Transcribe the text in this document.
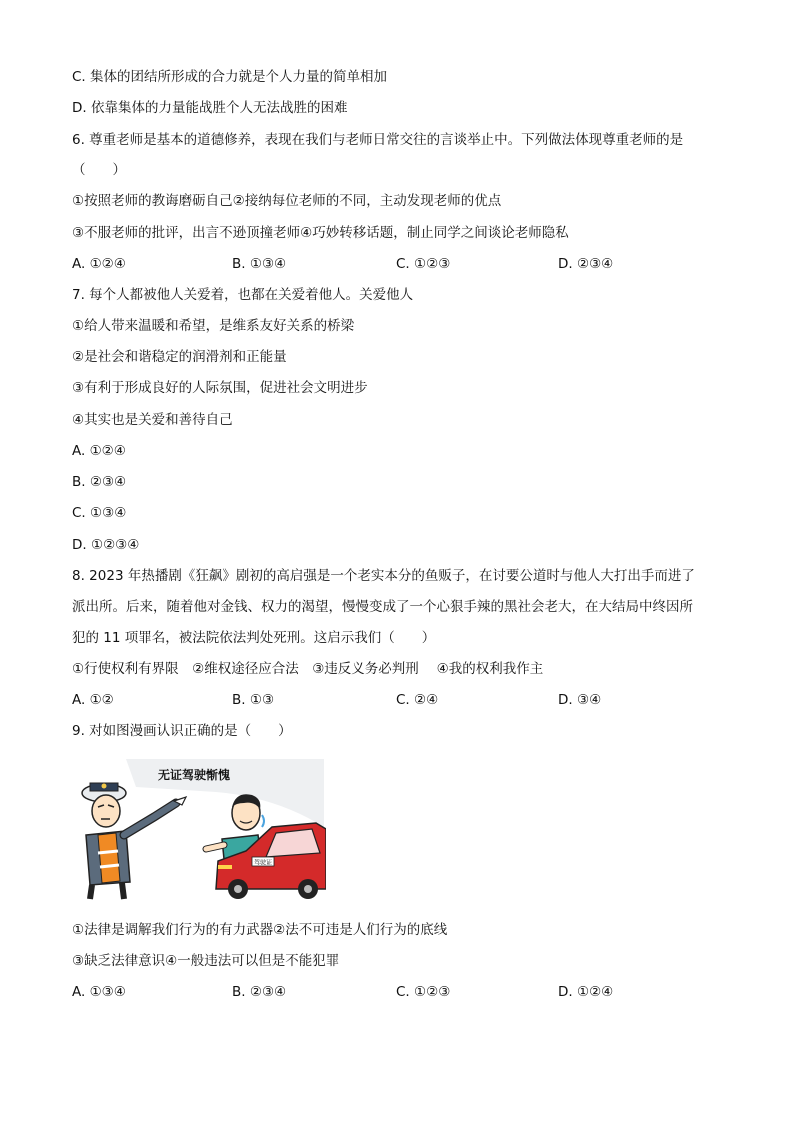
C. 集体的团结所形成的合力就是个人力量的简单相加
D. 依靠集体的力量能战胜个人无法战胜的困难
6. 尊重老师是基本的道德修养，表现在我们与老师日常交往的言谈举止中。下列做法体现尊重老师的是
（　　）
①按照老师的教诲磨砺自己②接纳每位老师的不同，主动发现老师的优点
③不服老师的批评，出言不逊顶撞老师④巧妙转移话题，制止同学之间谈论老师隐私
A. ①②④	B. ①③④	C. ①②③	D. ②③④
7. 每个人都被他人关爱着，也都在关爱着他人。关爱他人
①给人带来温暖和希望，是维系友好关系的桥梁
②是社会和谐稳定的润滑剂和正能量
③有利于形成良好的人际氛围，促进社会文明进步
④其实也是关爱和善待自己
A. ①②④
B. ②③④
C. ①③④
D. ①②③④
8. 2023 年热播剧《狂飙》剧初的高启强是一个老实本分的鱼贩子，在讨要公道时与他人大打出手而进了
派出所。后来，随着他对金钱、权力的渴望，慢慢变成了一个心狠手辣的黑社会老大，在大结局中终因所
犯的 11 项罪名，被法院依法判处死刑。这启示我们（　　）
①行使权利有界限　②维权途径应合法　③违反义务必判刑　 ④我的权利我作主
A. ①②	B. ①③	C. ②④	D. ③④
9. 对如图漫画认识正确的是（　　）
无证驾驶惭愧
驾驶证
①法律是调解我们行为的有力武器②法不可违是人们行为的底线
③缺乏法律意识④一般违法可以但是不能犯罪
A. ①③④	B. ②③④	C. ①②③	D. ①②④
